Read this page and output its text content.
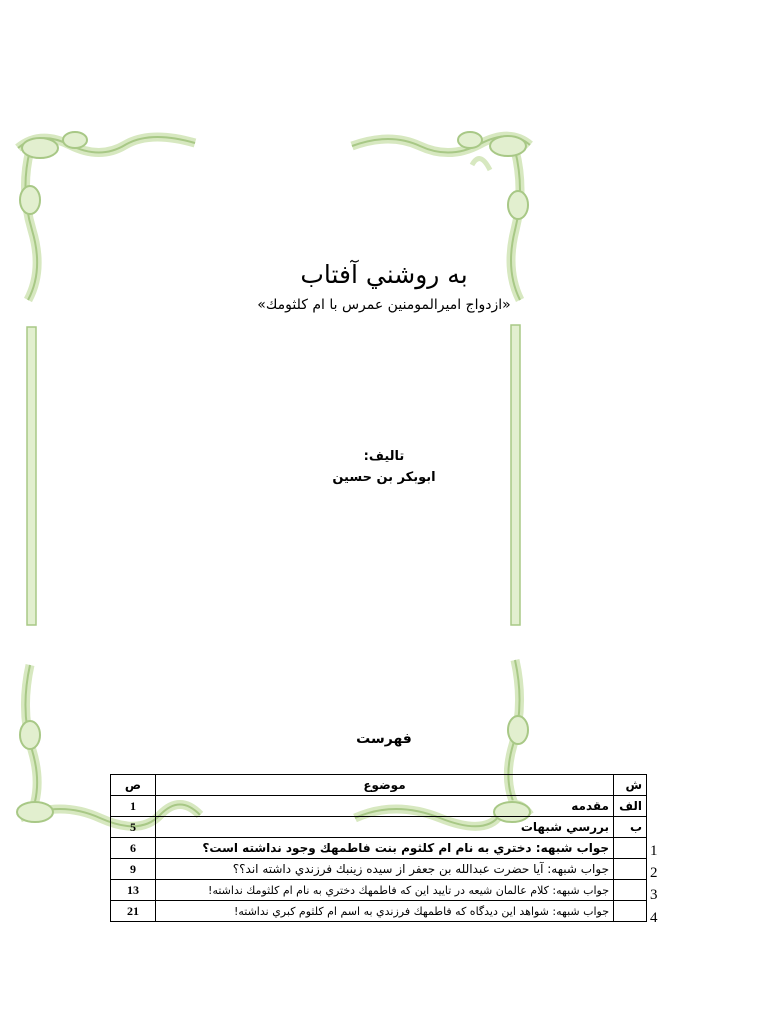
به روشني آفتاب
«ازدواج اميرالمومنين عمرس با ام كلثومك»
تاليف:
ابوبكر بن حسين
فهرست
ش	موضوع	ص
الف	مقدمه	1
ب	بررسي شبهات	5
	جواب شبهه: دختري به نام ام كلثوم بنت فاطمهك وجود نداشته است؟	6
	جواب شبهه: آيا حضرت عبدالله بن جعفر از سيده زينبك فرزندي داشته اند؟؟	9
	جواب شبهه: كلام عالمان شيعه در تاييد اين كه فاطمهك دختري به نام ام كلثومك نداشته!	13
	جواب شبهه: شواهد اين ديدگاه كه فاطمهك فرزندي به اسم ام كلثوم كبري نداشته!	21
1
2
3
4
